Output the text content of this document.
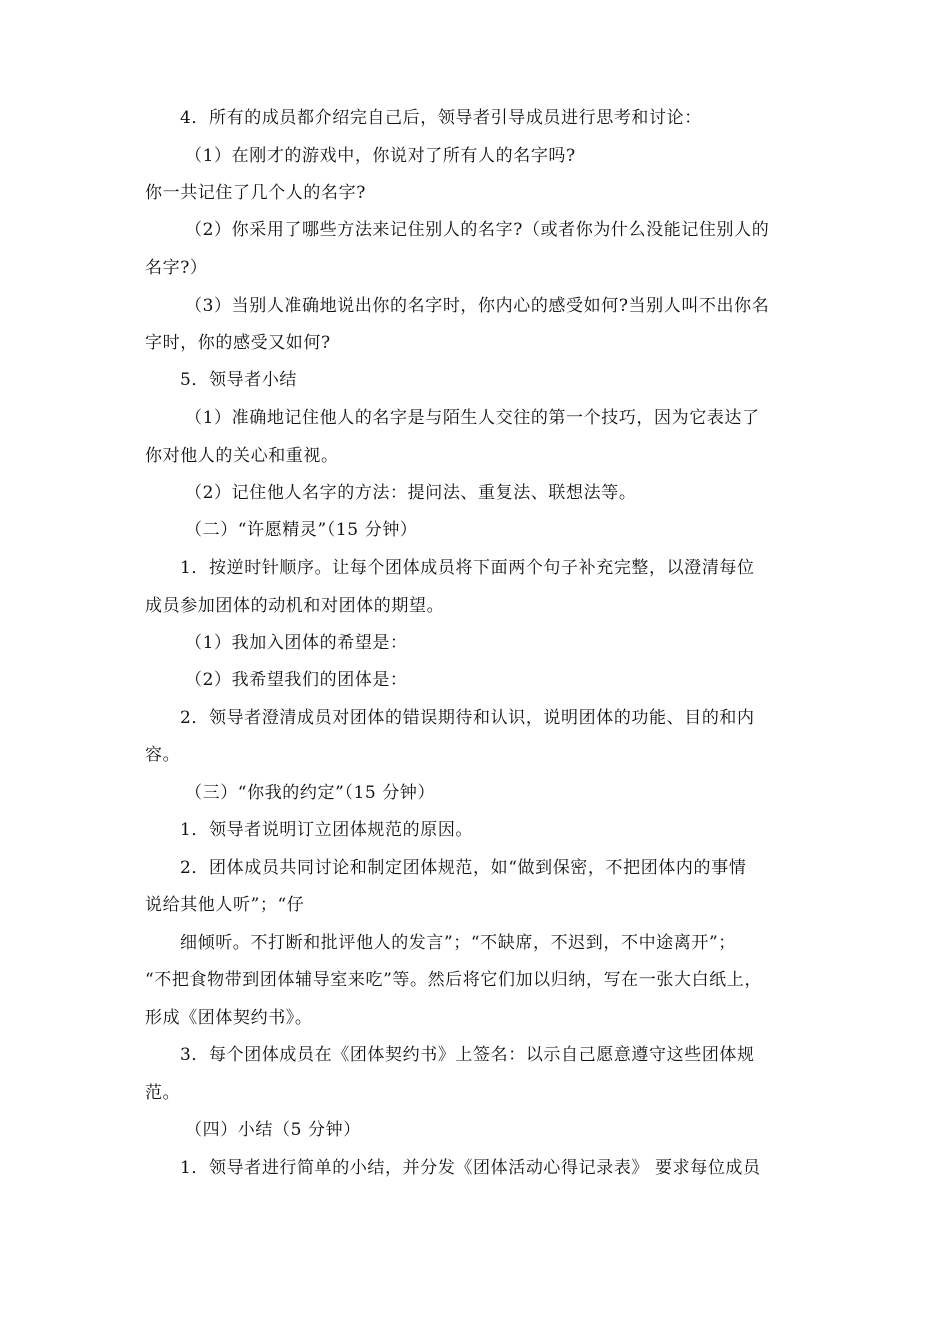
4．所有的成员都介绍完自己后，领导者引导成员进行思考和讨论：
（1）在刚才的游戏中，你说对了所有人的名字吗?
你一共记住了几个人的名字?
（2）你采用了哪些方法来记住别人的名字?（或者你为什么没能记住别人的
名字?）
（3）当别人准确地说出你的名字时，你内心的感受如何?当别人叫不出你名
字时，你的感受又如何?
5．领导者小结
（1）准确地记住他人的名字是与陌生人交往的第一个技巧，因为它表达了
你对他人的关心和重视。
（2）记住他人名字的方法：提问法、重复法、联想法等。
（二）“许愿精灵”（15 分钟）
1．按逆时针顺序。让每个团体成员将下面两个句子补充完整，以澄清每位
成员参加团体的动机和对团体的期望。
（1）我加入团体的希望是：
（2）我希望我们的团体是：
2．领导者澄清成员对团体的错误期待和认识，说明团体的功能、目的和内
容。
（三）“你我的约定”（15 分钟）
1．领导者说明订立团体规范的原因。
2．团体成员共同讨论和制定团体规范，如“做到保密，不把团体内的事情
说给其他人听”；“仔
细倾听。不打断和批评他人的发言”；“不缺席，不迟到，不中途离开”；
“不把食物带到团体辅导室来吃”等。然后将它们加以归纳，写在一张大白纸上，
形成《团体契约书》。
3．每个团体成员在《团体契约书》上签名：以示自己愿意遵守这些团体规
范。
（四）小结（5 分钟）
1．领导者进行简单的小结，并分发《团体活动心得记录表》 要求每位成员
